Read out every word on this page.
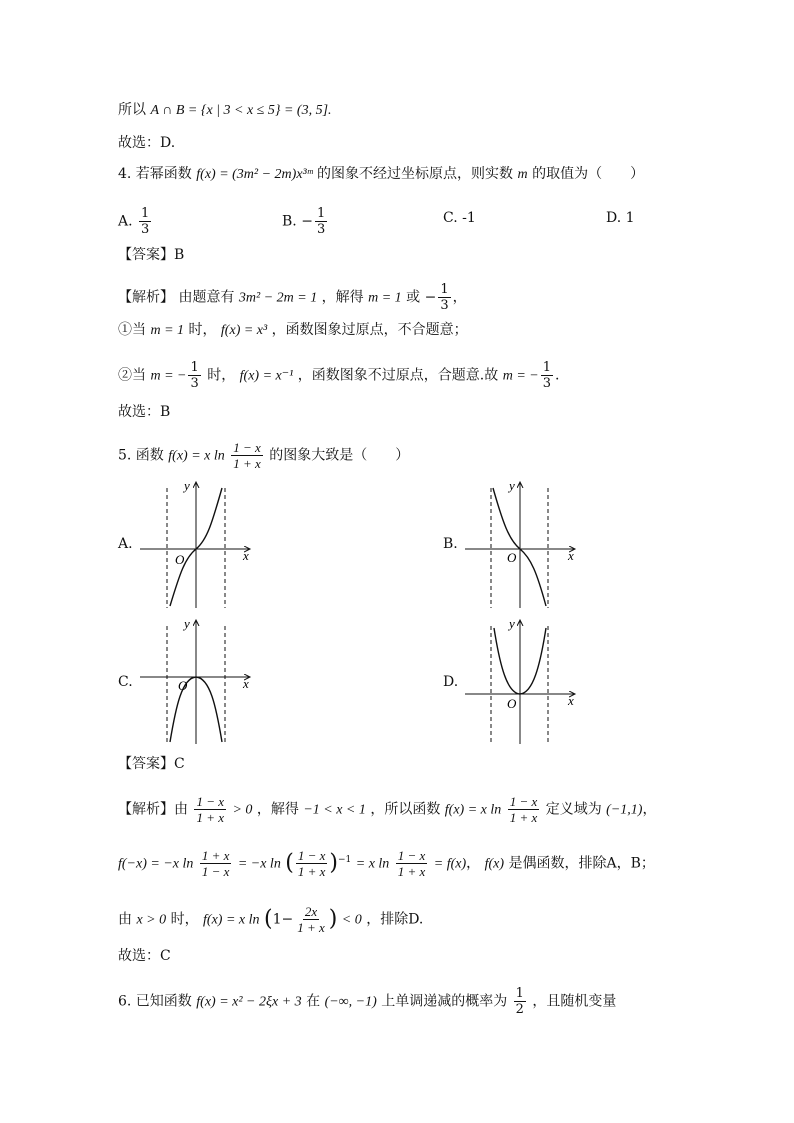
所以 A ∩ B = {x | 3 < x ≤ 5} = (3, 5].
故选：D.
4. 若幂函数 f(x) = (3m² − 2m)x³ᵐ 的图象不经过坐标原点，则实数 m 的取值为（　　）
A. $\frac{1}{3}$	B. − $\frac{1}{3}$	C. -1	D. 1
【答案】B
【解析】 由题意有 3m² − 2m = 1 ，解得 m = 1 或 − $\frac{1}{3}$ ，
①当 m = 1 时， f(x) = x³ ，函数图象过原点，不合题意；
②当 m = − $\frac{1}{3}$ 时， f(x) = x⁻¹ ，函数图象不过原点，合题意.故 m = − $\frac{1}{3}$ .
故选：B
5. 函数 f(x) = x $\ln \frac{1 - x}{1 + x}$ 的图象大致是（　　）
A.	B.
C.	D.
O	x
y
O	x
y
O	x
y
O	x
y
【答案】C
【解析】由 $\frac{1 - x}{1 + x} > 0$ ，解得 −1 < x < 1 ，所以函数 f(x) = x $\ln \frac{1 - x}{1 + x}$ 定义域为 (−1,1)，
f(−x) = −x $\ln \frac{1 + x}{1 - x} = -x$ ln ( $\frac{1 - x}{1 + x} )^{-1} = x$ $\ln \frac{1 - x}{1 + x} = f(x)$， f(x) 是偶函数，排除A，B；
由 x > 0 时， f(x) = x $\ln (1- \frac{2x}{1 + x}$ ) < 0 ，排除D.
故选：C
6. 已知函数 f(x) = x² − 2ξx + 3 在 (−∞, −1) 上单调递减的概率为 $\frac{1}{2}$ ，且随机变量
